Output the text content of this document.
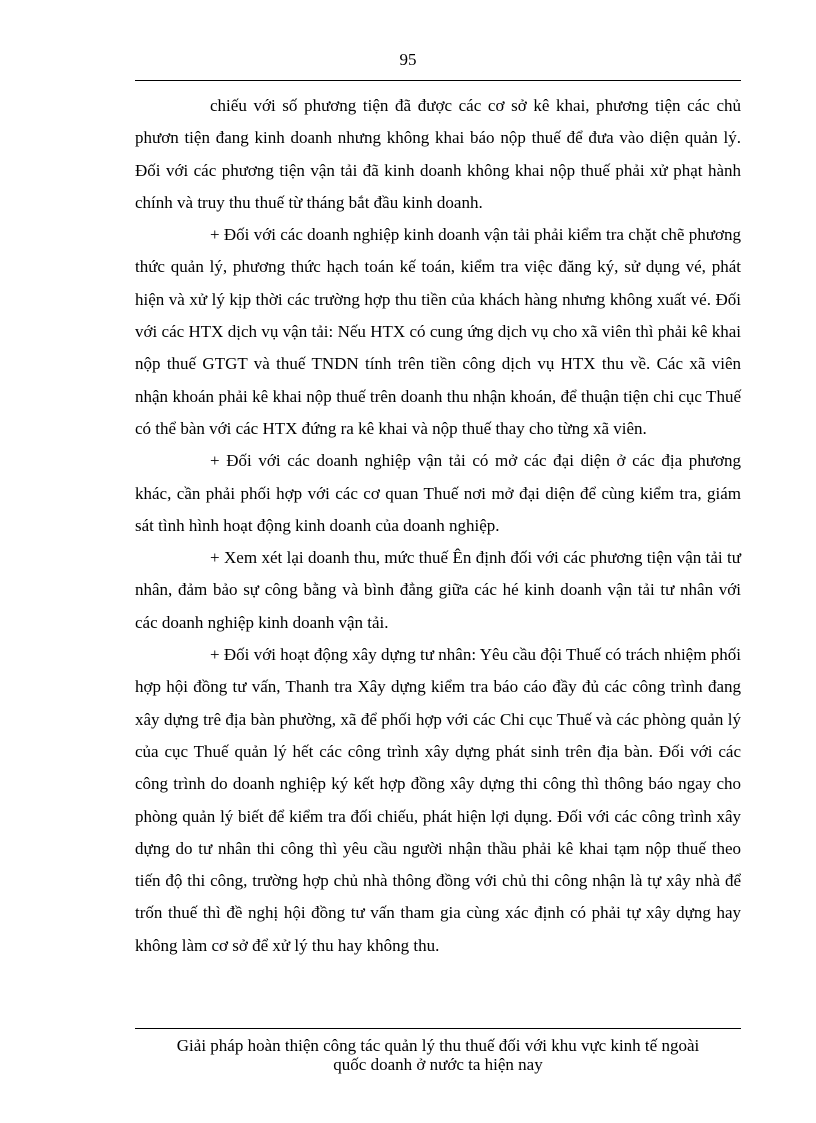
95

chiếu với số phương tiện đã được các cơ sở kê khai, phương tiện các chủ phươn tiện đang kinh doanh nhưng không khai báo nộp thuế để đưa vào diện quản lý. Đối với các phương tiện vận tải đã kinh doanh không khai nộp thuế phải xử phạt hành chính và truy thu thuế từ tháng bắt đầu kinh doanh.

+ Đối với các doanh nghiệp kinh doanh vận tải phải kiểm tra chặt chẽ phương thức quản lý, phương thức hạch toán kế toán, kiểm tra việc đăng ký, sử dụng vé, phát hiện và xử lý kịp thời các trường hợp thu tiền của khách hàng nhưng không xuất vé. Đối với các HTX dịch vụ vận tải: Nếu HTX có cung ứng dịch vụ cho xã viên thì phải kê khai nộp thuế GTGT và thuế TNDN tính trên tiền công dịch vụ HTX thu về. Các xã viên nhận khoán phải kê khai nộp thuế trên doanh thu nhận khoán, để thuận tiện chi cục Thuế có thể bàn với các HTX đứng ra kê khai và nộp thuế thay cho từng xã viên.

+ Đối với các doanh nghiệp vận tải có mở các đại diện ở các địa phương khác, cần phải phối hợp với các cơ quan Thuế nơi mở đại diện để cùng kiểm tra, giám sát tình hình hoạt động kinh doanh của doanh nghiệp.

+ Xem xét lại doanh thu, mức thuế Ên định đối với các phương tiện vận tải tư nhân, đảm bảo sự công bằng và bình đẳng giữa các hé kinh doanh vận tải tư nhân với các doanh nghiệp kinh doanh vận tải.

+ Đối với hoạt động xây dựng tư nhân: Yêu cầu đội Thuế có trách nhiệm phối hợp hội đồng tư vấn, Thanh tra Xây dựng kiểm tra báo cáo đầy đủ các công trình đang xây dựng trê địa bàn phường, xã để phối hợp với các Chi cục Thuế và các phòng quản lý của cục Thuế quản lý hết các công trình xây dựng phát sinh trên địa bàn. Đối với các công trình do doanh nghiệp ký kết hợp đồng xây dựng thi công thì thông báo ngay cho phòng quản lý biết để kiểm tra đối chiếu, phát hiện lợi dụng. Đối với các công trình xây dựng do tư nhân thi công thì yêu cầu người nhận thầu phải kê khai tạm nộp thuế theo tiến độ thi công, trường hợp chủ nhà thông đồng với chủ thi công nhận là tự xây nhà để trốn thuế thì đề nghị hội đồng tư vấn tham gia cùng xác định có phải tự xây dựng hay không làm cơ sở để xử lý thu hay không thu.

Giải pháp hoàn thiện công tác quản lý thu thuế đối với khu vực kinh tế ngoài
quốc doanh ở nước ta hiện nay
